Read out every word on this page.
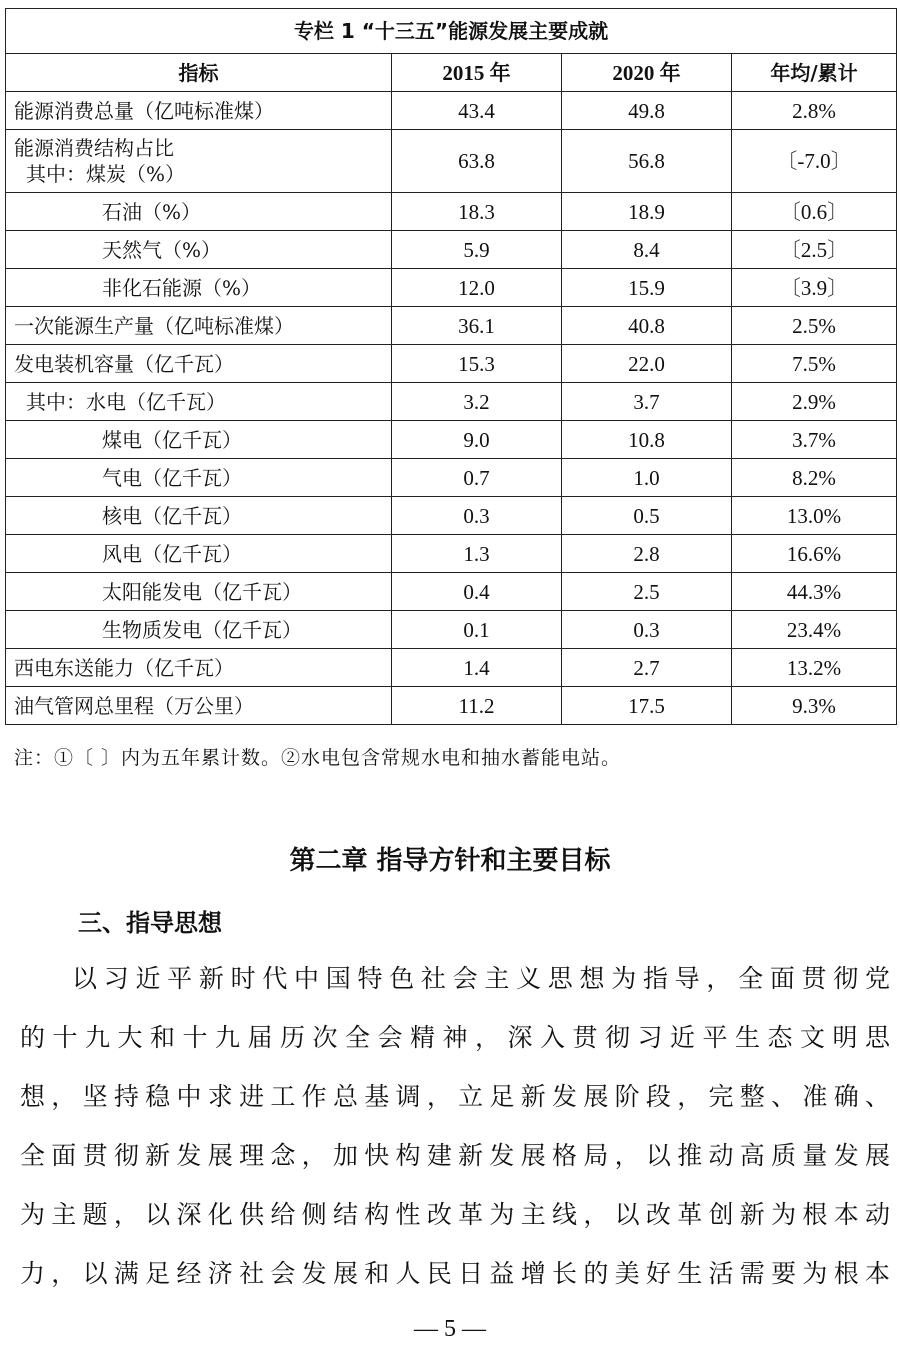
专栏 1 “十三五”能源发展主要成就			
指标	2015 年	2020 年	年均/累计
能源消费总量（亿吨标准煤）	43.4	49.8	2.8%

能源消费结构占比
其中：煤炭（%）	63.8	56.8	〔-7.0〕
石油（%）	18.3	18.9	〔0.6〕
天然气（%）	5.9	8.4	〔2.5〕
非化石能源（%）	12.0	15.9	〔3.9〕
一次能源生产量（亿吨标准煤）	36.1	40.8	2.5%
发电装机容量（亿千瓦）	15.3	22.0	7.5%
其中：水电（亿千瓦）	3.2	3.7	2.9%
煤电（亿千瓦）	9.0	10.8	3.7%
气电（亿千瓦）	0.7	1.0	8.2%
核电（亿千瓦）	0.3	0.5	13.0%
风电（亿千瓦）	1.3	2.8	16.6%
太阳能发电（亿千瓦）	0.4	2.5	44.3%
生物质发电（亿千瓦）	0.1	0.3	23.4%
西电东送能力（亿千瓦）	1.4	2.7	13.2%
油气管网总里程（万公里）	11.2	17.5	9.3%
注：①〔 〕内为五年累计数。②水电包含常规水电和抽水蓄能电站。
第二章 指导方针和主要目标
三、指导思想
以习近平新时代中国特色社会主义思想为指导，全面贯彻党
的十九大和十九届历次全会精神，深入贯彻习近平生态文明思
想，坚持稳中求进工作总基调，立足新发展阶段，完整、准确、
全面贯彻新发展理念，加快构建新发展格局，以推动高质量发展
为主题，以深化供给侧结构性改革为主线，以改革创新为根本动
力，以满足经济社会发展和人民日益增长的美好生活需要为根本
— 5 —
